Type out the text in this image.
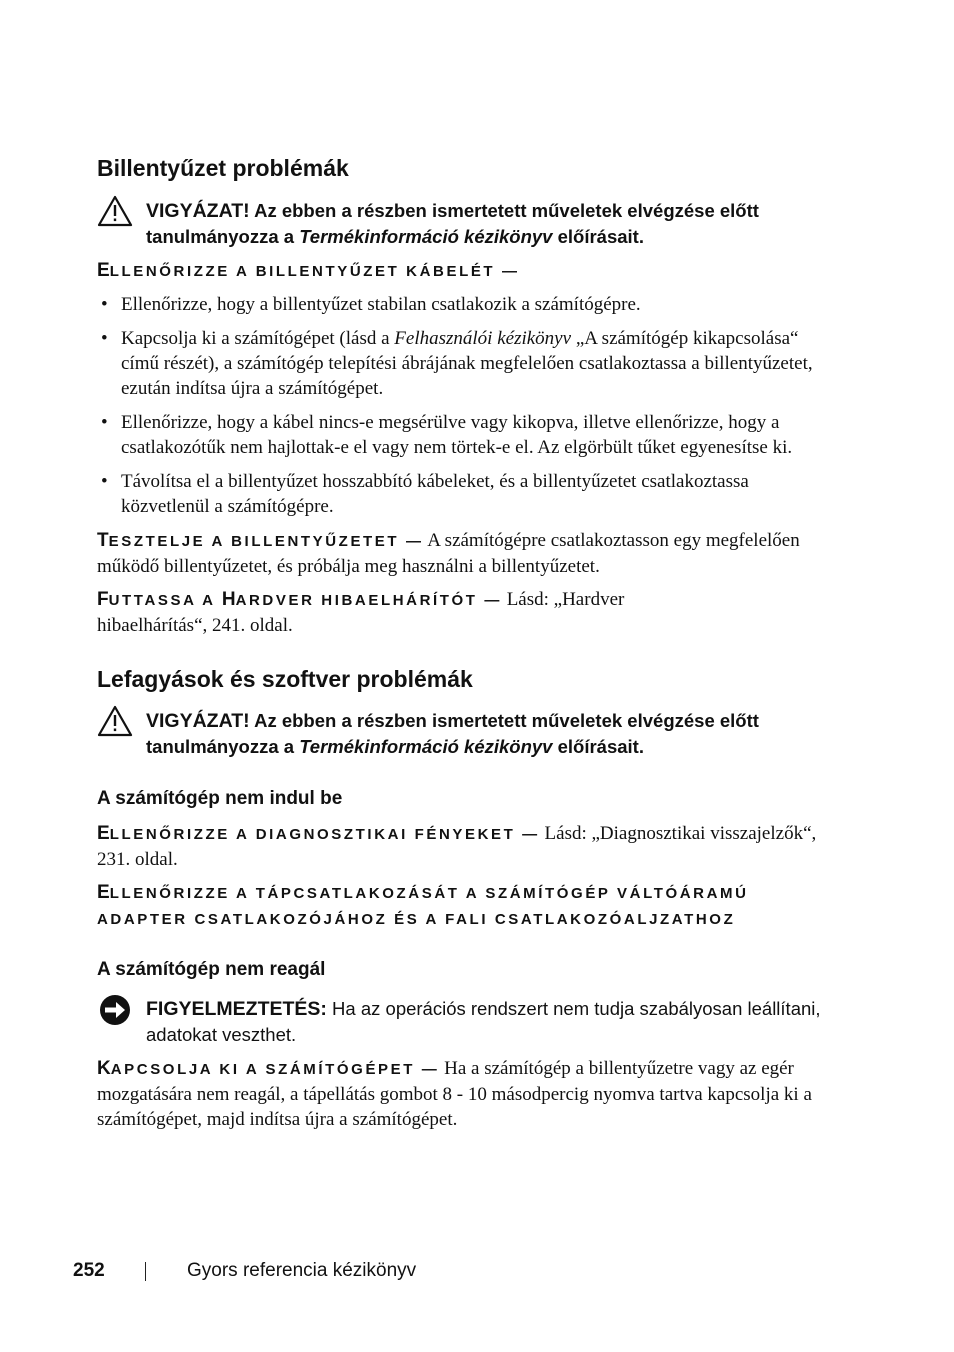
Billentyűzet problémák
VIGYÁZAT! Az ebben a részben ismertetett műveletek elvégzése előtt tanulmányozza a Termékinformáció kézikönyv előírásait.

ELLENŐRIZZE A BILLENTYŰZET KÁBELÉT —

• Ellenőrizze, hogy a billentyűzet stabilan csatlakozik a számítógépre.
• Kapcsolja ki a számítógépet (lásd a Felhasználói kézikönyv „A számítógép kikapcsolása“ című részét), a számítógép telepítési ábrájának megfelelően csatlakoztassa a billentyűzetet, ezután indítsa újra a számítógépet.
• Ellenőrizze, hogy a kábel nincs-e megsérülve vagy kikopva, illetve ellenőrizze, hogy a csatlakozótűk nem hajlottak-e el vagy nem törtek-e el. Az elgörbült tűket egyenesítse ki.
• Távolítsa el a billentyűzet hosszabbító kábeleket, és a billentyűzetet csatlakoztassa közvetlenül a számítógépre.

TESZTELJE A BILLENTYŰZETET — A számítógépre csatlakoztasson egy megfelelően működő billentyűzetet, és próbálja meg használni a billentyűzetet.

FUTTASSA A HARDVER HIBAELHÁRÍTÓT — Lásd: „Hardver hibaelhárítás“, 241. oldal.

Lefagyások és szoftver problémák
VIGYÁZAT! Az ebben a részben ismertetett műveletek elvégzése előtt tanulmányozza a Termékinformáció kézikönyv előírásait.
A számítógép nem indul be

ELLENŐRIZZE A DIAGNOSZTIKAI FÉNYEKET — Lásd: „Diagnosztikai visszajelzők“, 231. oldal.

ELLENŐRIZZE A TÁPCSATLAKOZÁSÁT A SZÁMÍTÓGÉP VÁLTÓÁRAMÚ ADAPTER CSATLAKOZÓJÁHOZ ÉS A FALI CSATLAKOZÓALJZATHOZ

A számítógép nem reagál
FIGYELMEZTETÉS: Ha az operációs rendszert nem tudja szabályosan leállítani, adatokat veszthet.

KAPCSOLJA KI A SZÁMÍTÓGÉPET — Ha a számítógép a billentyűzetre vagy az egér mozgatására nem reagál, a tápellátás gombot 8 - 10 másodpercig nyomva tartva kapcsolja ki a számítógépet, majd indítsa újra a számítógépet.

252	Gyors referencia kézikönyv
